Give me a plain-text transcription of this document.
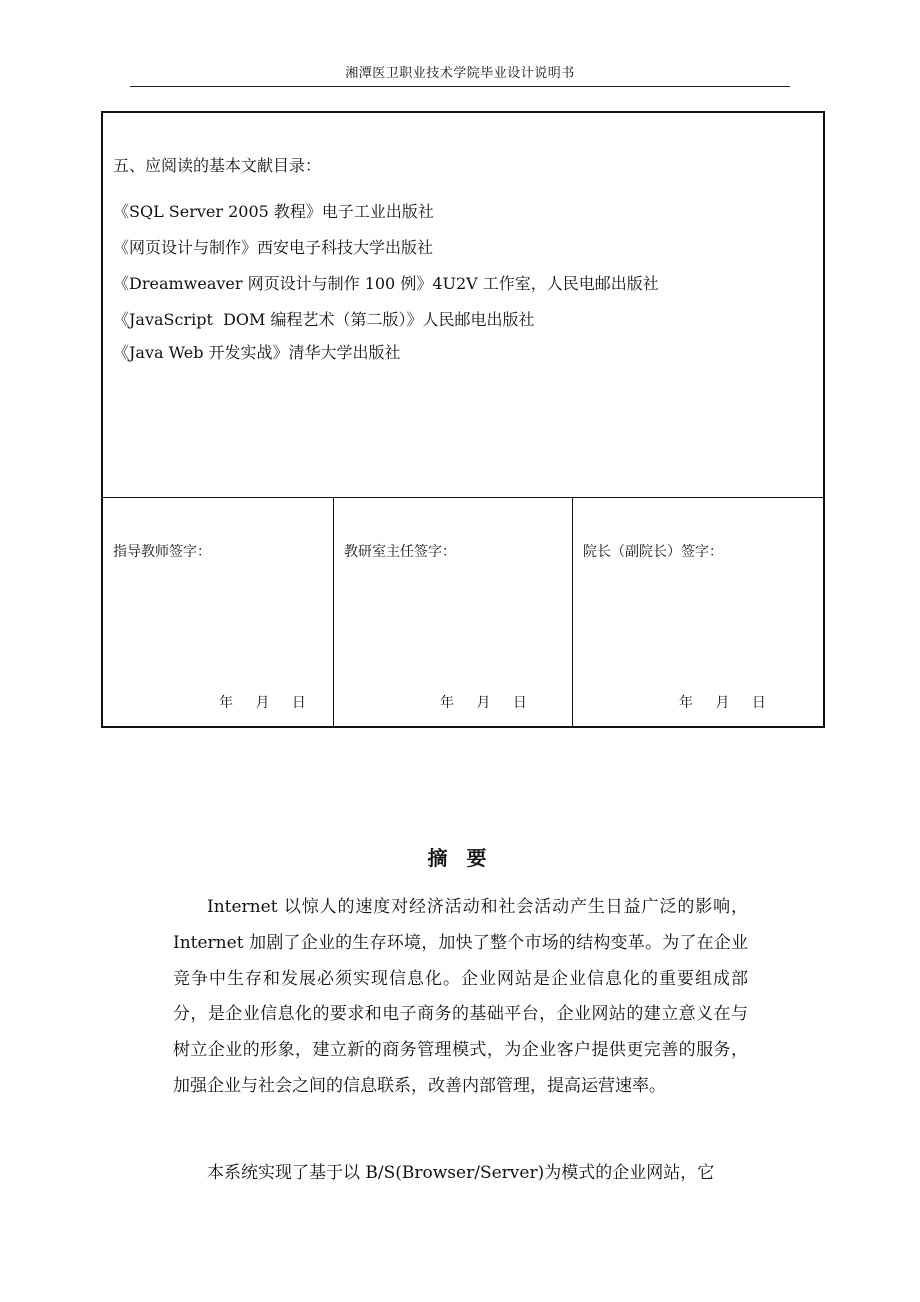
湘潭医卫职业技术学院毕业设计说明书
五、应阅读的基本文献目录：
《SQL Server 2005 教程》电子工业出版社
《网页设计与制作》西安电子科技大学出版社
《Dreamweaver 网页设计与制作 100 例》4U2V 工作室，人民电邮出版社
《JavaScript  DOM 编程艺术（第二版）》人民邮电出版社
《Java Web 开发实战》清华大学出版社
指导教师签字：
年 月 日
教研室主任签字：
年 月 日
院长（副院长）签字：
年 月 日
摘 要

Internet 以惊人的速度对经济活动和社会活动产生日益广泛的影响，Internet 加剧了企业的生存环境，加快了整个市场的结构变革。为了在企业竞争中生存和发展必须实现信息化。企业网站是企业信息化的重要组成部分，是企业信息化的要求和电子商务的基础平台，企业网站的建立意义在与树立企业的形象，建立新的商务管理模式，为企业客户提供更完善的服务，加强企业与社会之间的信息联系，改善内部管理，提高运营速率。

本系统实现了基于以 B/S(Browser/Server)为模式的企业网站，它
